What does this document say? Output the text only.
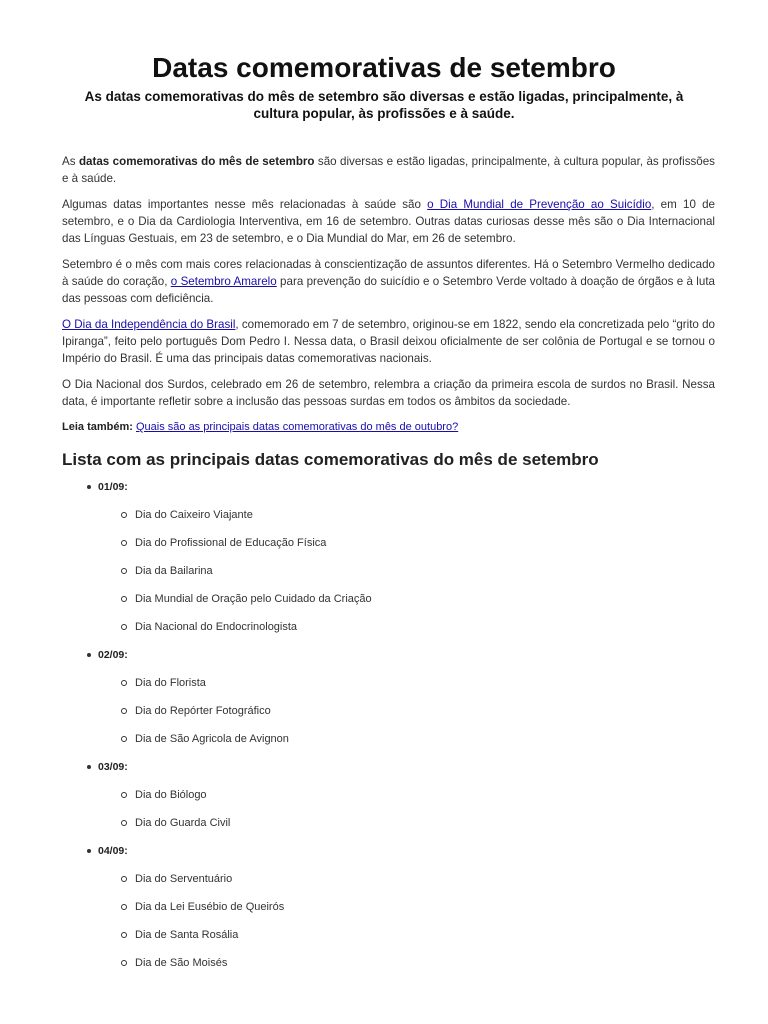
Datas comemorativas de setembro
As datas comemorativas do mês de setembro são diversas e estão ligadas, principalmente, à cultura popular, às profissões e à saúde.

As datas comemorativas do mês de setembro são diversas e estão ligadas, principalmente, à cultura popular, às profissões e à saúde.

Algumas datas importantes nesse mês relacionadas à saúde são o Dia Mundial de Prevenção ao Suicídio, em 10 de setembro, e o Dia da Cardiologia Interventiva, em 16 de setembro. Outras datas curiosas desse mês são o Dia Internacional das Línguas Gestuais, em 23 de setembro, e o Dia Mundial do Mar, em 26 de setembro.

Setembro é o mês com mais cores relacionadas à conscientização de assuntos diferentes. Há o Setembro Vermelho dedicado à saúde do coração, o Setembro Amarelo para prevenção do suicídio e o Setembro Verde voltado à doação de órgãos e à luta das pessoas com deficiência.

O Dia da Independência do Brasil, comemorado em 7 de setembro, originou-se em 1822, sendo ela concretizada pelo “grito do Ipiranga”, feito pelo português Dom Pedro I. Nessa data, o Brasil deixou oficialmente de ser colônia de Portugal e se tornou o Império do Brasil. É uma das principais datas comemorativas nacionais.

O Dia Nacional dos Surdos, celebrado em 26 de setembro, relembra a criação da primeira escola de surdos no Brasil. Nessa data, é importante refletir sobre a inclusão das pessoas surdas em todos os âmbitos da sociedade.

Leia também: Quais são as principais datas comemorativas do mês de outubro?

Lista com as principais datas comemorativas do mês de setembro
01/09:
Dia do Caixeiro Viajante
Dia do Profissional de Educação Física
Dia da Bailarina
Dia Mundial de Oração pelo Cuidado da Criação
Dia Nacional do Endocrinologista
02/09:
Dia do Florista
Dia do Repórter Fotográfico
Dia de São Agricola de Avignon
03/09:
Dia do Biólogo
Dia do Guarda Civil
04/09:
Dia do Serventuário
Dia da Lei Eusébio de Queirós
Dia de Santa Rosália
Dia de São Moisés
